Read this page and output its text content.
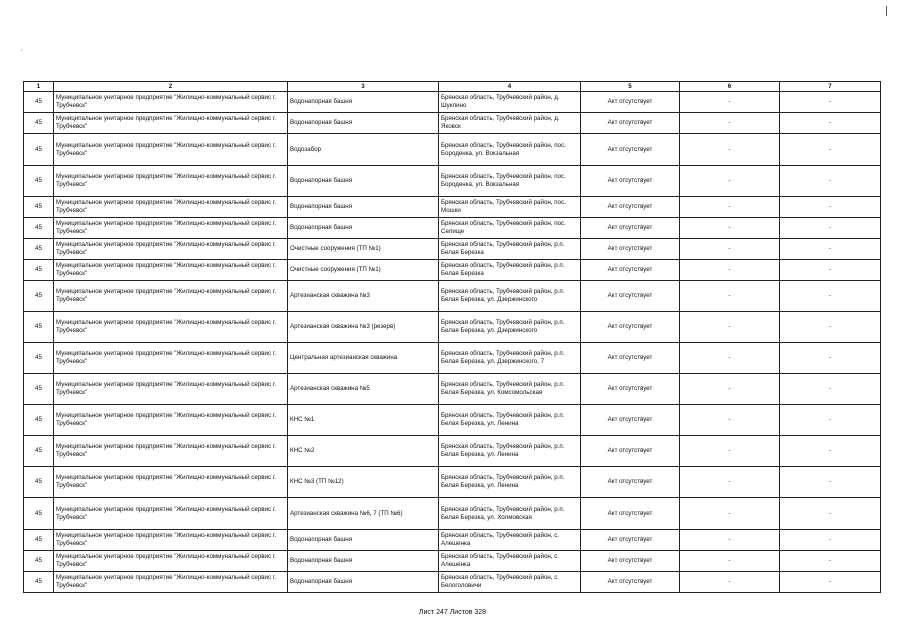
ˊ
1	2	3	4	5	6	7
45	Муниципальное унитарное предприятие "Жилищно-коммунальный сервис г. Трубчевск"	Водонапорная башня	Брянская область, Трубчевский район, д. Шуклино	Акт отсутствует	-	-
45	Муниципальное унитарное предприятие "Жилищно-коммунальный сервис г. Трубчевск"	Водонапорная башня	Брянская область, Трубчевский район, д. Яковск	Акт отсутствует	-	-
45	Муниципальное унитарное предприятие "Жилищно-коммунальный сервис г. Трубчевск"	Водозабор	Брянская область, Трубчевский район, пос. Бороденка, ул. Вокзальная	Акт отсутствует	-	-
45	Муниципальное унитарное предприятие "Жилищно-коммунальный сервис г. Трубчевск"	Водонапорная башня	Брянская область, Трубчевский район, пос. Бороденка, ул. Вокзальная	Акт отсутствует	-	-
45	Муниципальное унитарное предприятие "Жилищно-коммунальный сервис г. Трубчевск"	Водонапорная башня	Брянская область, Трубчевский район, пос. Мошки	Акт отсутствует	-	-
45	Муниципальное унитарное предприятие "Жилищно-коммунальный сервис г. Трубчевск"	Водонапорная башня	Брянская область, Трубчевский район, пос. Селище	Акт отсутствует	-	-
45	Муниципальное унитарное предприятие "Жилищно-коммунальный сервис г. Трубчевск"	Очистные сооружения (ТП №1)	Брянская область, Трубчевский район, р.п. Белая Березка	Акт отсутствует	-	-
45	Муниципальное унитарное предприятие "Жилищно-коммунальный сервис г. Трубчевск"	Очистные сооружения (ТП №1)	Брянская область, Трубчевский район, р.п. Белая Березка	Акт отсутствует	-	-
45	Муниципальное унитарное предприятие "Жилищно-коммунальный сервис г. Трубчевск"	Артезианская скважина №3	Брянская область, Трубчевский район, р.п. Белая Березка, ул. Дзержинского	Акт отсутствует	-	-
45	Муниципальное унитарное предприятие "Жилищно-коммунальный сервис г. Трубчевск"	Артезианская скважина №3 (резерв)	Брянская область, Трубчевский район, р.п. Белая Березка, ул. Дзержинского	Акт отсутствует	-	-
45	Муниципальное унитарное предприятие "Жилищно-коммунальный сервис г. Трубчевск"	Центральная артезианская скважина	Брянская область, Трубчевский район, р.п. Белая Березка, ул. Дзержинского, 7	Акт отсутствует	-	-
45	Муниципальное унитарное предприятие "Жилищно-коммунальный сервис г. Трубчевск"	Артезианская скважина №5	Брянская область, Трубчевский район, р.п. Белая Березка, ул. Комсомольская	Акт отсутствует	-	-
45	Муниципальное унитарное предприятие "Жилищно-коммунальный сервис г. Трубчевск"	КНС №1	Брянская область, Трубчевский район, р.п. Белая Березка, ул. Ленина	Акт отсутствует	-	-
45	Муниципальное унитарное предприятие "Жилищно-коммунальный сервис г. Трубчевск"	КНС №2	Брянская область, Трубчевский район, р.п. Белая Березка, ул. Ленина	Акт отсутствует	-	-
45	Муниципальное унитарное предприятие "Жилищно-коммунальный сервис г. Трубчевск"	КНС №3 (ТП №12)	Брянская область, Трубчевский район, р.п. Белая Березка, ул. Ленина	Акт отсутствует	-	-
45	Муниципальное унитарное предприятие "Жилищно-коммунальный сервис г. Трубчевск"	Артезианская скважина №6, 7 (ТП №6)	Брянская область, Трубчевский район, р.п. Белая Березка, ул. Холмовская	Акт отсутствует	-	-
45	Муниципальное унитарное предприятие "Жилищно-коммунальный сервис г. Трубчевск"	Водонапорная башня	Брянская область, Трубчевский район, с. Алешенка	Акт отсутствует	-	-
45	Муниципальное унитарное предприятие "Жилищно-коммунальный сервис г. Трубчевск"	Водонапорная башня	Брянская область, Трубчевский район, с. Алешенка	Акт отсутствует	-	-
45	Муниципальное унитарное предприятие "Жилищно-коммунальный сервис г. Трубчевск"	Водонапорная башня	Брянская область, Трубчевский район, с. Белоголовичи	Акт отсутствует	-	-
Лист 247 Листов 328
